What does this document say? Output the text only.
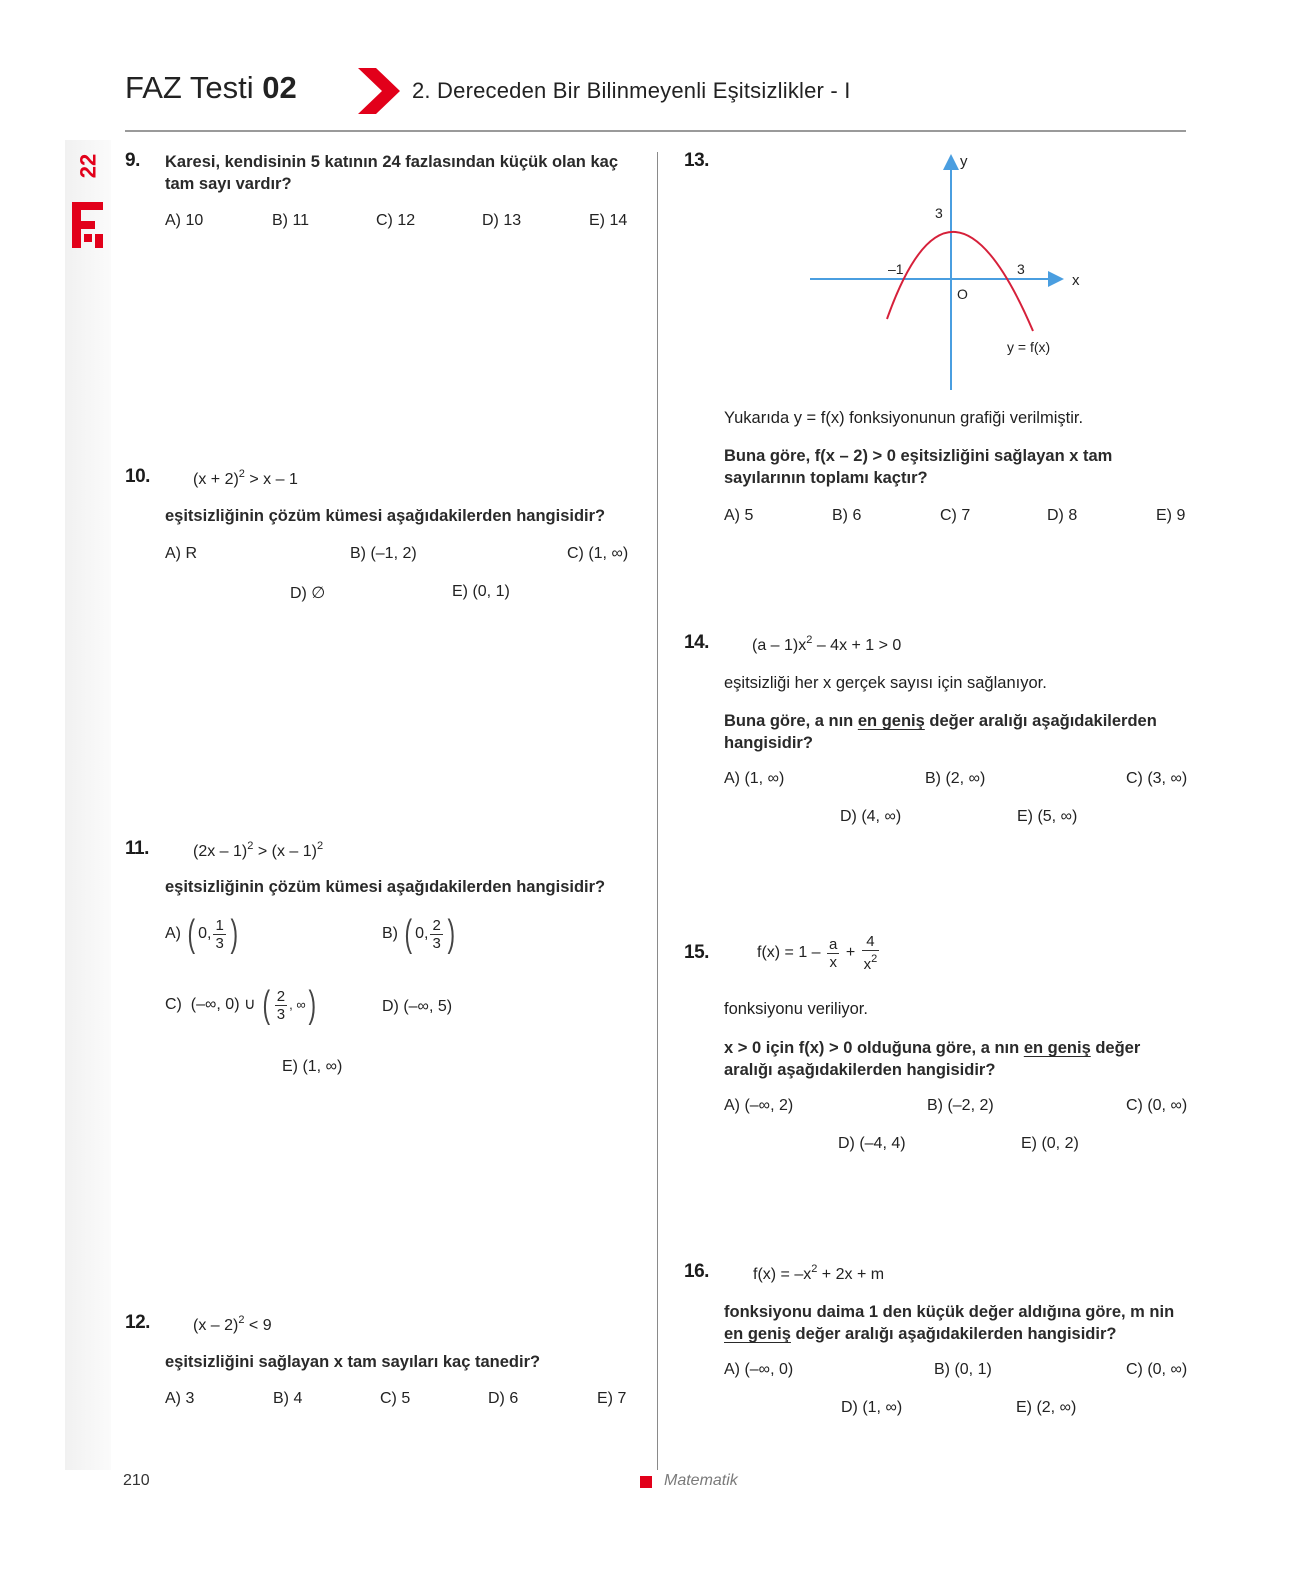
FAZ Testi 02	2. Dereceden Bir Bilinmeyenli Eşitsizlikler - I
22 9. Karesi, kendisinin 5 katının 24 fazlasından küçük olan kaç tam sayı vardır?
A) 10	B) 11	C) 12	D) 13	E) 14
10.	$(x + 2)^2 > x - 1$
eşitsizliğinin çözüm kümesi aşağıdakilerden hangisidir?
A) R	B) (–1, 2)	C) (1, ∞)
D) ∅	E) (0, 1)
11.	(2x – 1)$^2$ > (x – 1)$^2$
eşitsizliğinin çözüm kümesi aşağıdakilerden hangisidir?
A) ( 0, $\frac{1}{3}$ )	B) ( 0, $\frac{2}{3}$ )
C) (–∞, 0) ∪ ( $\frac{2}{3}$ , ∞)	D) (–∞, 5)
E) (1, ∞)
12.	(x – 2)$^2$ < 9
eşitsizliğini sağlayan x tam sayıları kaç tanedir?
A) 3	B) 4	C) 5	D) 6	E) 7
13.	y
x
O
–1	3
3
y = f(x)
Yukarıda y = f(x) fonksiyonunun grafiği verilmiştir.
Buna göre, f(x – 2) > 0 eşitsizliğini sağlayan x tam sayılarının toplamı kaçtır?
A) 5	B) 6	C) 7	D) 8	E) 9
14.	$(a - 1)x^2 - 4x + 1 > 0$
eşitsizliği her x gerçek sayısı için sağlanıyor.
Buna göre, a nın en geniş değer aralığı aşağıdakilerden hangisidir?
A) (1, ∞)	B) (2, ∞)	C) (3, ∞)
D) (4, ∞)	E) (5, ∞)
15.	$f(x) = 1 - \frac{a}{x} + \frac{4}{x^2}$
fonksiyonu veriliyor.
x > 0 için f(x) > 0 olduğuna göre, a nın en geniş değer aralığı aşağıdakilerden hangisidir?
A) (–∞, 2)	B) (–2, 2)	C) (0, ∞)
D) (–4, 4)	E) (0, 2)
16.	$f(x) = -x^2 + 2x + m$
fonksiyonu daima 1 den küçük değer aldığına göre, m nin en geniş değer aralığı aşağıdakilerden hangisidir?
A) (–∞, 0)	B) (0, 1)	C) (0, ∞)
D) (1, ∞)	E) (2, ∞)
210	Matematik
